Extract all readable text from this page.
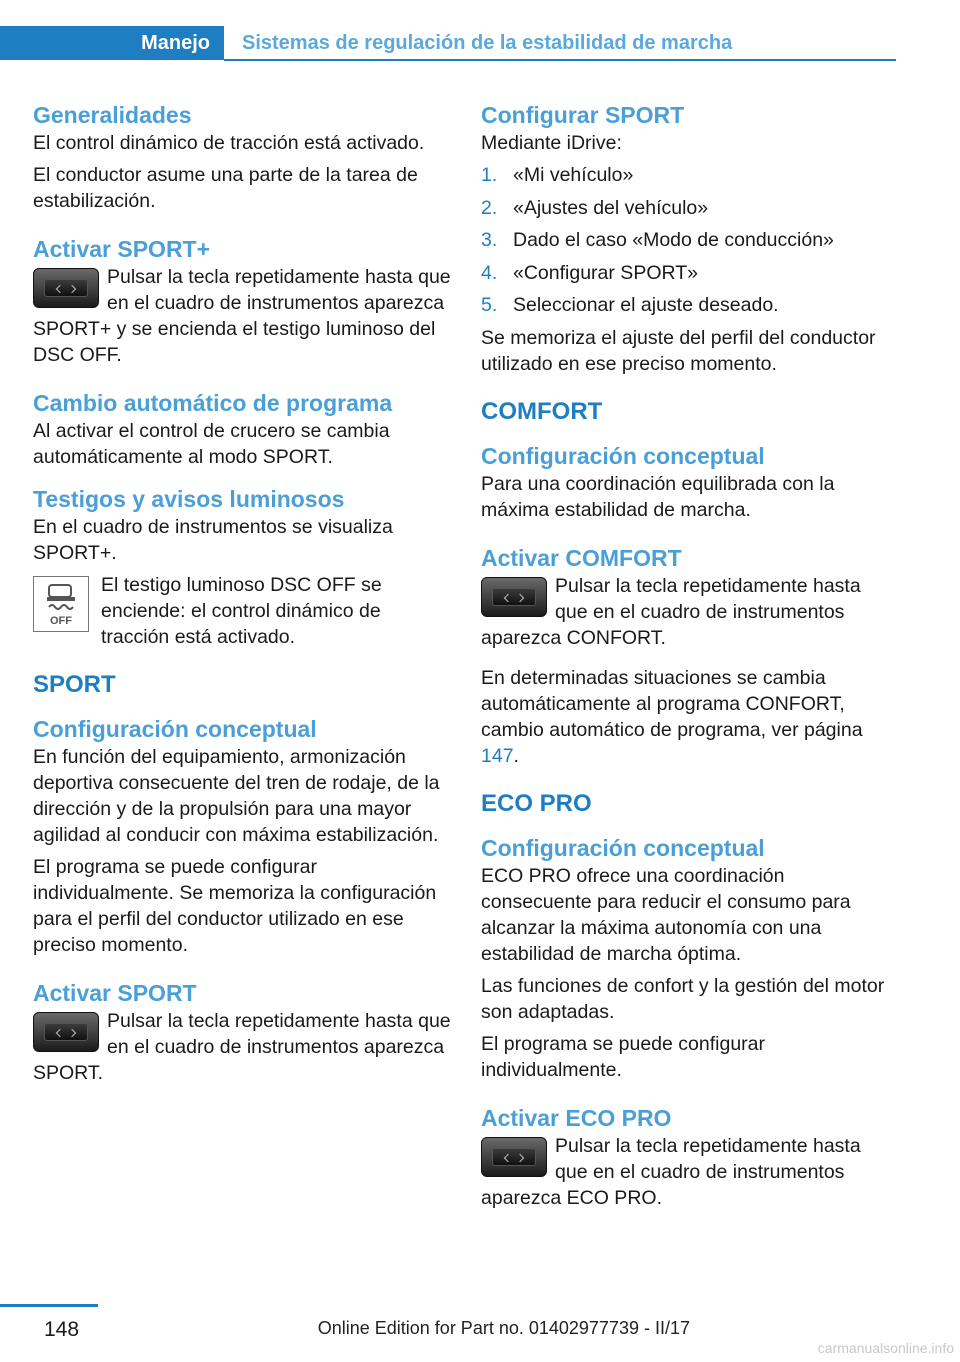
Manejo	Sistemas de regulación de la estabilidad de marcha
Generalidades

El control dinámico de tracción está activado.

El conductor asume una parte de la tarea de estabilización.

Activar SPORT+

Pulsar la tecla repetidamente hasta que en el cuadro de instrumentos aparezca SPORT+ y se encienda el testigo luminoso del DSC OFF.

Cambio automático de programa

Al activar el control de crucero se cambia automáticamente al modo SPORT.

Testigos y avisos luminosos

En el cuadro de instrumentos se visualiza SPORT+.

OFF

El testigo luminoso DSC OFF se enciende: el control dinámico de tracción está activado.

SPORT
Configuración conceptual

En función del equipamiento, armonización deportiva consecuente del tren de rodaje, de la dirección y de la propulsión para una mayor agilidad al conducir con máxima estabilización.

El programa se puede configurar individualmente. Se memoriza la configuración para el perfil del conductor utilizado en ese preciso momento.

Activar SPORT

Pulsar la tecla repetidamente hasta que en el cuadro de instrumentos aparezca SPORT.

Configurar SPORT

Mediante iDrive:

1. «Mi vehículo»
2. «Ajustes del vehículo»
3. Dado el caso «Modo de conducción»
4. «Configurar SPORT»
5. Seleccionar el ajuste deseado.

Se memoriza el ajuste del perfil del conductor utilizado en ese preciso momento.

COMFORT
Configuración conceptual

Para una coordinación equilibrada con la máxima estabilidad de marcha.

Activar COMFORT

Pulsar la tecla repetidamente hasta que en el cuadro de instrumentos aparezca CONFORT.

En determinadas situaciones se cambia automáticamente al programa CONFORT, cambio automático de programa, ver página 147.

ECO PRO
Configuración conceptual

ECO PRO ofrece una coordinación consecuente para reducir el consumo para alcanzar la máxima autonomía con una estabilidad de marcha óptima.

Las funciones de confort y la gestión del motor son adaptadas.

El programa se puede configurar individualmente.

Activar ECO PRO

Pulsar la tecla repetidamente hasta que en el cuadro de instrumentos aparezca ECO PRO.

148	Online Edition for Part no. 01402977739 - II/17
carmanualsonline.info
